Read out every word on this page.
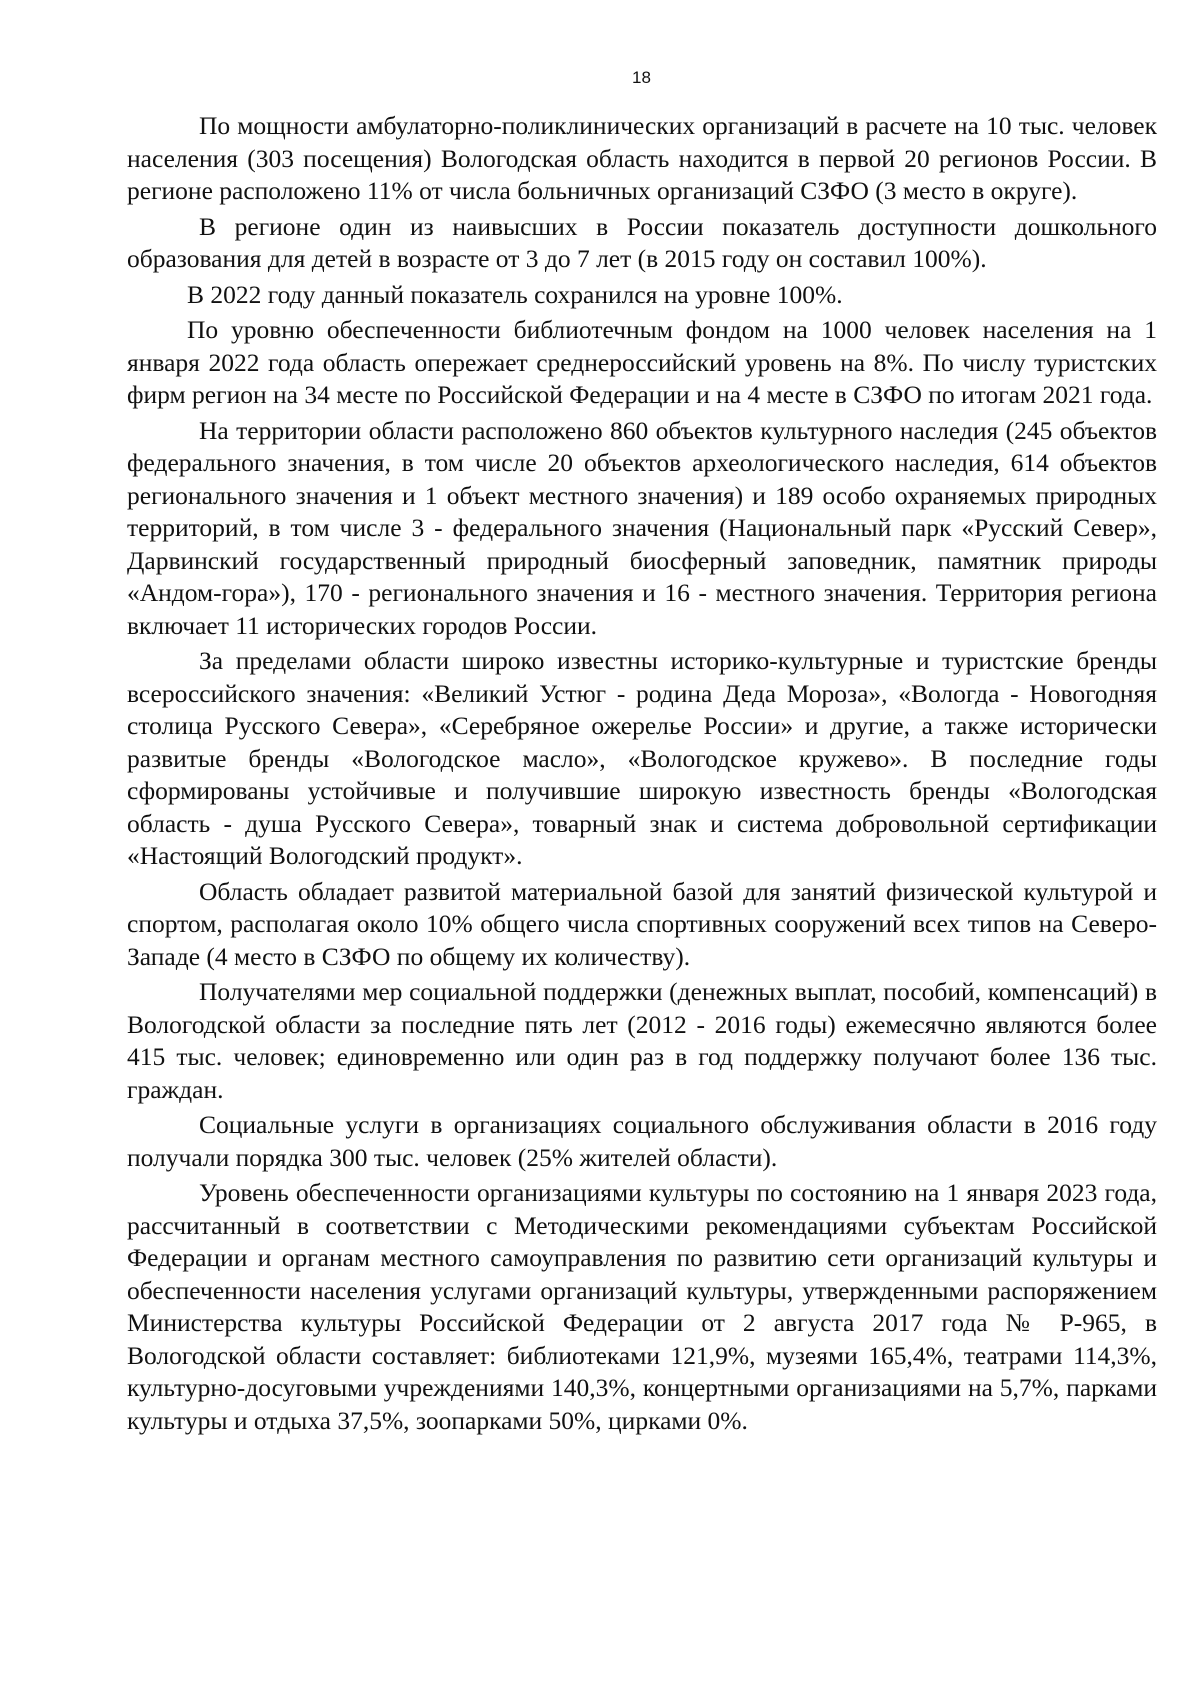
18

По мощности амбулаторно-поликлинических организаций в расчете на 10 тыс. человек населения (303 посещения) Вологодская область находится в первой 20 регионов России. В регионе расположено 11% от числа больничных организаций СЗФО (3 место в округе).

В регионе один из наивысших в России показатель доступности дошкольного образования для детей в возрасте от 3 до 7 лет (в 2015 году он составил 100%).

В 2022 году данный показатель сохранился на уровне 100%.

По уровню обеспеченности библиотечным фондом на 1000 человек населения на 1 января 2022 года область опережает среднероссийский уровень на 8%. По числу туристских фирм регион на 34 месте по Российской Федерации и на 4 месте в СЗФО по итогам 2021 года.

На территории области расположено 860 объектов культурного наследия (245 объектов федерального значения, в том числе 20 объектов археологического наследия, 614 объектов регионального значения и 1 объект местного значения) и 189 особо охраняемых природных территорий, в том числе 3 - федерального значения (Национальный парк «Русский Север», Дарвинский государственный природный биосферный заповедник, памятник природы «Андом-гора»), 170 - регионального значения и 16 - местного значения. Территория региона включает 11 исторических городов России.

За пределами области широко известны историко-культурные и туристские бренды всероссийского значения: «Великий Устюг - родина Деда Мороза», «Вологда - Новогодняя столица Русского Севера», «Серебряное ожерелье России» и другие, а также исторически развитые бренды «Вологодское масло», «Вологодское кружево». В последние годы сформированы устойчивые и получившие широкую известность бренды «Вологодская область - душа Русского Севера», товарный знак и система добровольной сертификации «Настоящий Вологодский продукт».

Область обладает развитой материальной базой для занятий физической культурой и спортом, располагая около 10% общего числа спортивных сооружений всех типов на Северо-Западе (4 место в СЗФО по общему их количеству).

Получателями мер социальной поддержки (денежных выплат, пособий, компенсаций) в Вологодской области за последние пять лет (2012 - 2016 годы) ежемесячно являются более 415 тыс. человек; единовременно или один раз в год поддержку получают более 136 тыс. граждан.

Социальные услуги в организациях социального обслуживания области в 2016 году получали порядка 300 тыс. человек (25% жителей области).

Уровень обеспеченности организациями культуры по состоянию на 1 января 2023 года, рассчитанный в соответствии с Методическими рекомендациями субъектам Российской Федерации и органам местного самоуправления по развитию сети организаций культуры и обеспеченности населения услугами организаций культуры, утвержденными распоряжением Министерства культуры Российской Федерации от 2 августа 2017 года № Р-965, в Вологодской области составляет: библиотеками 121,9%, музеями 165,4%, театрами 114,3%, культурно-досуговыми учреждениями 140,3%, концертными организациями на 5,7%, парками культуры и отдыха 37,5%, зоопарками 50%, цирками 0%.
